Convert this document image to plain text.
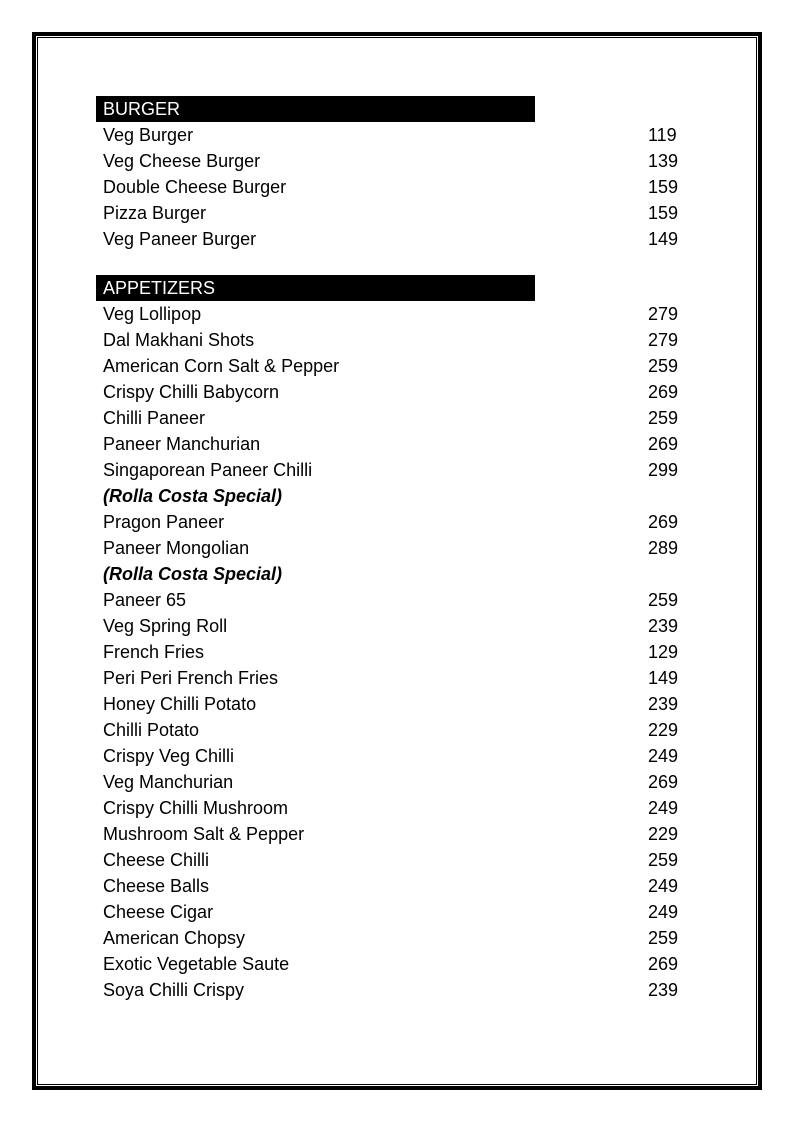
BURGER
Veg Burger	119
Veg Cheese Burger	139
Double Cheese Burger	159
Pizza Burger	159
Veg Paneer Burger	149
APPETIZERS
Veg Lollipop	279
Dal Makhani Shots	279
American Corn Salt & Pepper	259
Crispy Chilli Babycorn	269
Chilli Paneer	259
Paneer Manchurian	269
Singaporean Paneer Chilli	299
(Rolla Costa Special)
Pragon Paneer	269
Paneer Mongolian	289
(Rolla Costa Special)
Paneer 65	259
Veg Spring Roll	239
French Fries	129
Peri Peri French Fries	149
Honey Chilli Potato	239
Chilli Potato	229
Crispy Veg Chilli	249
Veg Manchurian	269
Crispy Chilli Mushroom	249
Mushroom Salt & Pepper	229
Cheese Chilli	259
Cheese Balls	249
Cheese Cigar	249
American Chopsy	259
Exotic Vegetable Saute	269
Soya Chilli Crispy	239
